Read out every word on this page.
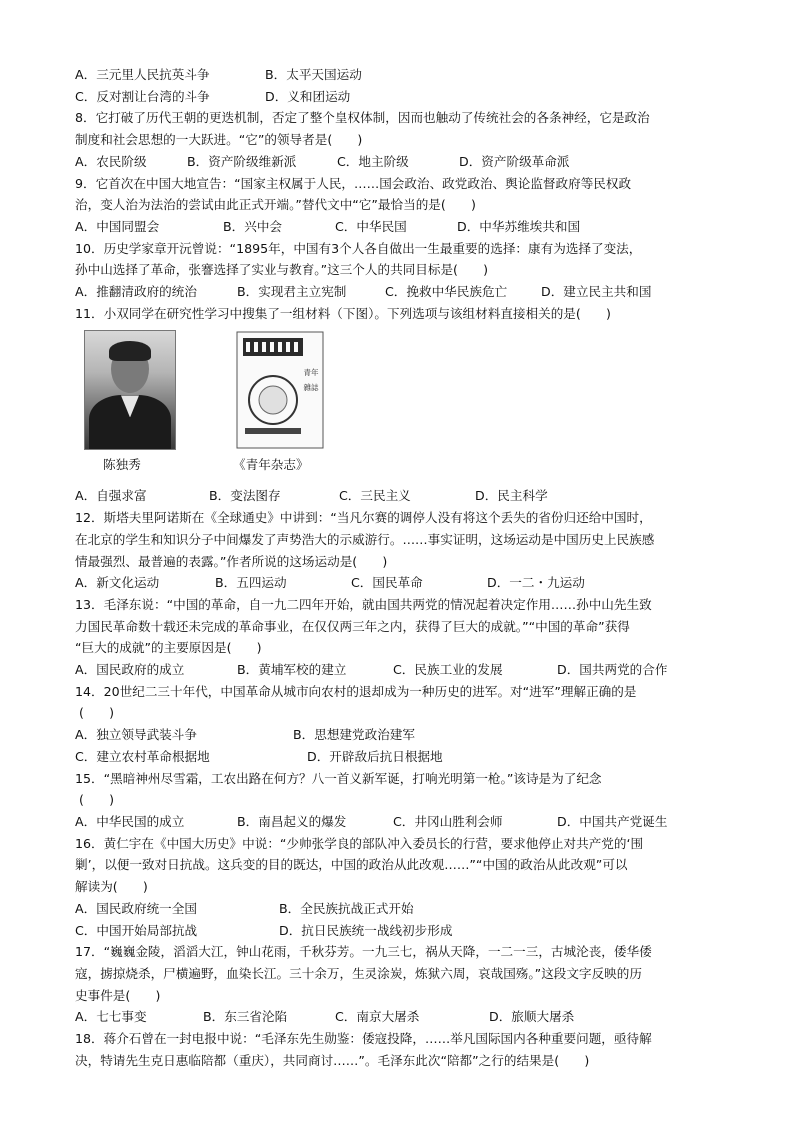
A．三元里人民抗英斗争	B．太平天国运动
C．反对割让台湾的斗争	D．义和团运动
8．它打破了历代王朝的更迭机制，否定了整个皇权体制，因而也触动了传统社会的各条神经，它是政治
制度和社会思想的一大跃进。“它”的领导者是(　　)
A．农民阶级	B．资产阶级维新派	C．地主阶级	D．资产阶级革命派
9．它首次在中国大地宣告：“国家主权属于人民，……国会政治、政党政治、舆论监督政府等民权政
治，变人治为法治的尝试由此正式开端。”替代文中“它”最恰当的是(　　)
A．中国同盟会	B．兴中会	C．中华民国	D．中华苏维埃共和国
10．历史学家章开沅曾说：“1895年，中国有3个人各自做出一生最重要的选择：康有为选择了变法，
孙中山选择了革命，张謇选择了实业与教育。”这三个人的共同目标是(　　)
A．推翻清政府的统治	B．实现君主立宪制	C．挽救中华民族危亡	D．建立民主共和国
11．小双同学在研究性学习中搜集了一组材料（下图）。下列选项与该组材料直接相关的是(　　)
青年
雜誌
陈独秀	《青年杂志》
A．自强求富	B．变法图存	C．三民主义	D．民主科学
12．斯塔夫里阿诺斯在《全球通史》中讲到：“当凡尔赛的调停人没有将这个丢失的省份归还给中国时，
在北京的学生和知识分子中间爆发了声势浩大的示威游行。……事实证明，这场运动是中国历史上民族感
情最强烈、最普遍的表露。”作者所说的这场运动是(　　)
A．新文化运动	B．五四运动	C．国民革命	D．一二・九运动
13．毛泽东说：“中国的革命，自一九二四年开始，就由国共两党的情况起着决定作用……孙中山先生致
力国民革命数十载还未完成的革命事业，在仅仅两三年之内，获得了巨大的成就。”“中国的革命”获得
“巨大的成就”的主要原因是(　　)
A．国民政府的成立	B．黄埔军校的建立	C．民族工业的发展	D．国共两党的合作
14．20世纪二三十年代，中国革命从城市向农村的退却成为一种历史的进军。对“进军”理解正确的是
(　　)
A．独立领导武装斗争	B．思想建党政治建军
C．建立农村革命根据地	D．开辟敌后抗日根据地
15．“黑暗神州尽雪霜，工农出路在何方？八一首义新军诞，打响光明第一枪。”该诗是为了纪念
(　　)
A．中华民国的成立	B．南昌起义的爆发	C．井冈山胜利会师	D．中国共产党诞生
16．黄仁宇在《中国大历史》中说：“少帅张学良的部队冲入委员长的行营，要求他停止对共产党的‘围
剿’，以便一致对日抗战。这兵变的目的既达，中国的政治从此改观……”“中国的政治从此改观”可以
解读为(　　)
A．国民政府统一全国	B．全民族抗战正式开始
C．中国开始局部抗战	D．抗日民族统一战线初步形成
17．“巍巍金陵，滔滔大江，钟山花雨，千秋芬芳。一九三七，祸从天降，一二一三，古城沦丧，倭华倭
寇，掳掠烧杀，尸横遍野，血染长江。三十余万，生灵涂炭，炼狱六周，哀哉国殇。”这段文字反映的历
史事件是(　　)
A．七七事变	B．东三省沦陷	C．南京大屠杀	D．旅顺大屠杀
18．蒋介石曾在一封电报中说：“毛泽东先生勋鉴：倭寇投降，……举凡国际国内各种重要问题，亟待解
决，特请先生克日惠临陪都（重庆），共同商讨……”。毛泽东此次“陪都”之行的结果是(　　)
